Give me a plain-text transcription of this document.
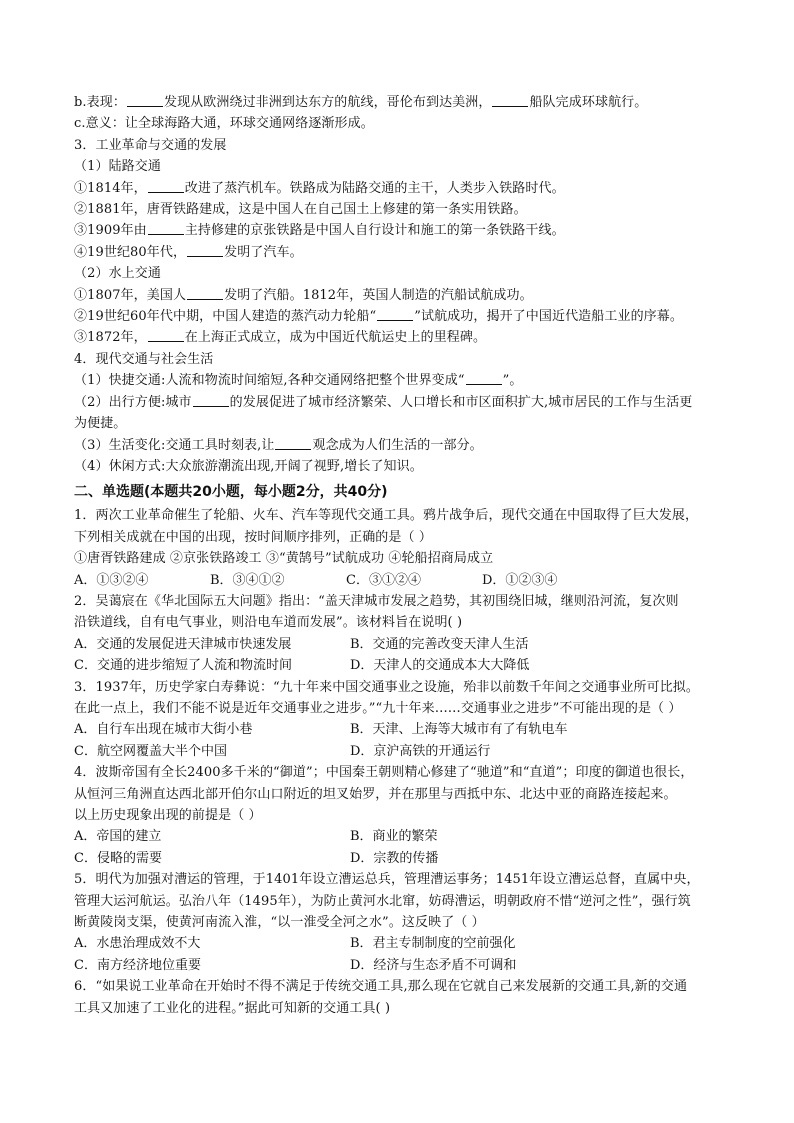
b.表现：	发现从欧洲绕过非洲到达东方的航线，哥伦布到达美洲，	船队完成环球航行。
c.意义：让全球海路大通，环球交通网络逐渐形成。
3．工业革命与交通的发展
（1）陆路交通
①1814年，	改进了蒸汽机车。铁路成为陆路交通的主干，人类步入铁路时代。
②1881年，唐胥铁路建成，这是中国人在自己国土上修建的第一条实用铁路。
③1909年由	主持修建的京张铁路是中国人自行设计和施工的第一条铁路干线。
④19世纪80年代，	发明了汽车。
（2）水上交通
①1807年，美国人	发明了汽船。1812年，英国人制造的汽船试航成功。
②19世纪60年代中期，中国人建造的蒸汽动力轮船“	”试航成功，揭开了中国近代造船工业的序幕。
③1872年，	在上海正式成立，成为中国近代航运史上的里程碑。
4．现代交通与社会生活
（1）快捷交通:人流和物流时间缩短,各种交通网络把整个世界变成“	”。
（2）出行方便:城市	的发展促进了城市经济繁荣、人口增长和市区面积扩大,城市居民的工作与生活更
为便捷。
（3）生活变化:交通工具时刻表,让	观念成为人们生活的一部分。
（4）休闲方式:大众旅游潮流出现,开阔了视野,增长了知识。
二、单选题(本题共20小题，每小题2分，共40分)
1．两次工业革命催生了轮船、火车、汽车等现代交通工具。鸦片战争后，现代交通在中国取得了巨大发展，
下列相关成就在中国的出现，按时间顺序排列，正确的是（ ）
①唐胥铁路建成 ②京张铁路竣工 ③“黄鹄号”试航成功 ④轮船招商局成立
A．①③②④	B．③④①②	C．③①②④	D．①②③④
2．吴蔼宸在《华北国际五大问题》指出：“盖天津城市发展之趋势，其初围绕旧城，继则沿河流，复次则
沿铁道线，自有电气事业，则沿电车道而发展”。该材料旨在说明( )
A．交通的发展促进天津城市快速发展	B．交通的完善改变天津人生活
C．交通的进步缩短了人流和物流时间	D．天津人的交通成本大大降低
3．1937年，历史学家白寿彝说：“九十年来中国交通事业之设施，殆非以前数千年间之交通事业所可比拟。
在此一点上，我们不能不说是近年交通事业之进步。”“九十年来……交通事业之进步”不可能出现的是（ ）
A．自行车出现在城市大街小巷	B．天津、上海等大城市有了有轨电车
C．航空网覆盖大半个中国	D．京沪高铁的开通运行
4．波斯帝国有全长2400多千米的“御道”；中国秦王朝则精心修建了“驰道”和“直道”；印度的御道也很长，
从恒河三角洲直达西北部开伯尔山口附近的坦叉始罗，并在那里与西抵中东、北达中亚的商路连接起来。
以上历史现象出现的前提是（ ）
A．帝国的建立	B．商业的繁荣
C．侵略的需要	D．宗教的传播
5．明代为加强对漕运的管理，于1401年设立漕运总兵，管理漕运事务；1451年设立漕运总督，直属中央，
管理大运河航运。弘治八年（1495年），为防止黄河水北窜，妨碍漕运，明朝政府不惜“逆河之性”，强行筑
断黄陵岗支渠，使黄河南流入淮，“以一淮受全河之水”。这反映了（ ）
A．水患治理成效不大	B．君主专制制度的空前强化
C．南方经济地位重要	D．经济与生态矛盾不可调和
6．“如果说工业革命在开始时不得不满足于传统交通工具,那么现在它就自己来发展新的交通工具,新的交通
工具又加速了工业化的进程。”据此可知新的交通工具( )
